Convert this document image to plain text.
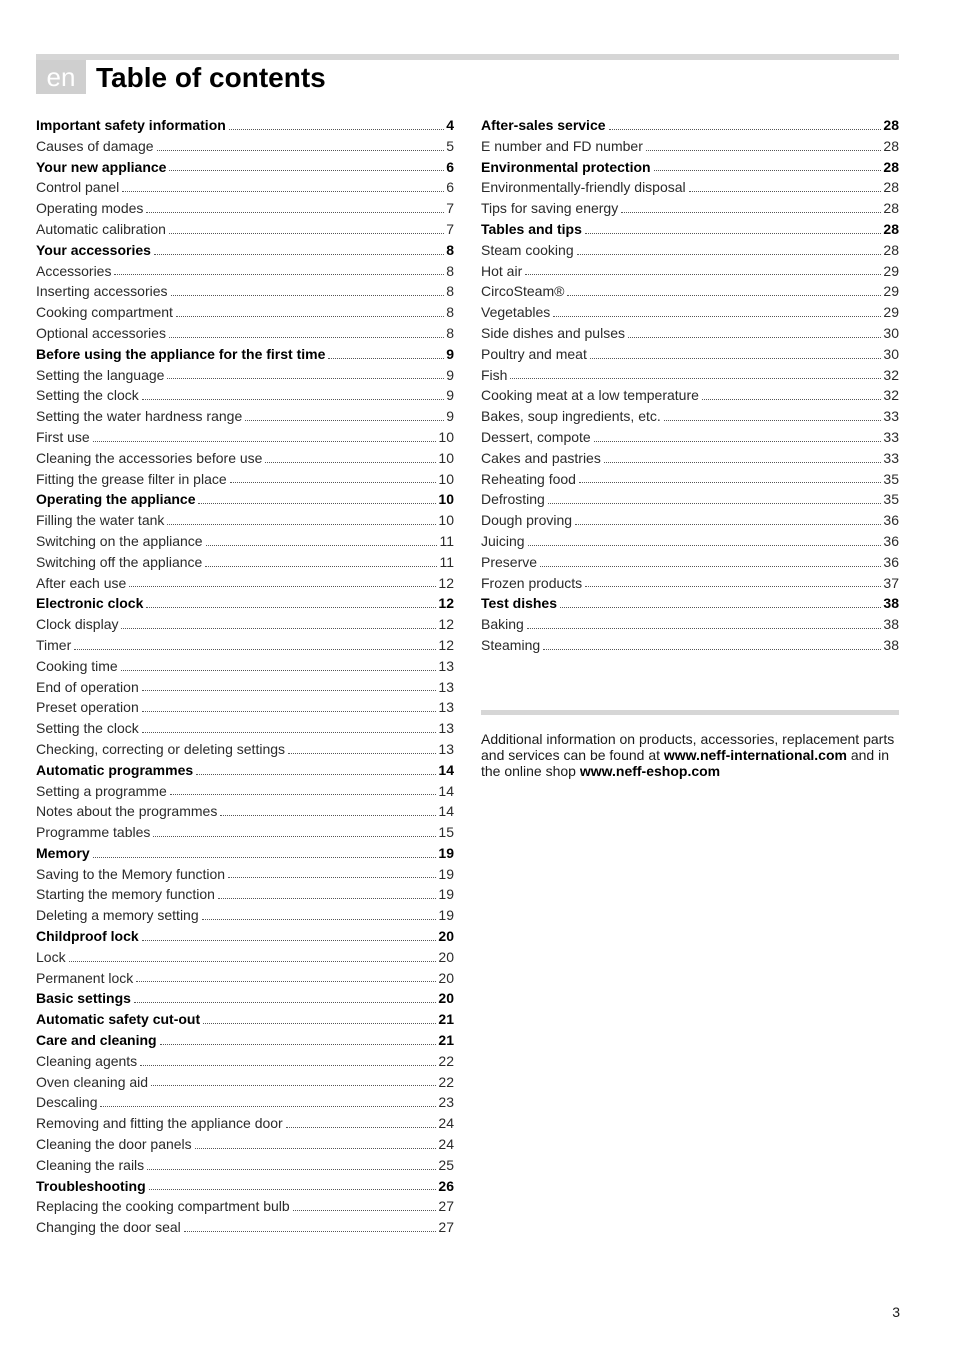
en Table of contents
Important safety information	4
Causes of damage	5
Your new appliance	6
Control panel	6
Operating modes	7
Automatic calibration	7
Your accessories	8
Accessories	8
Inserting accessories	8
Cooking compartment	8
Optional accessories	8
Before using the appliance for the first time	9
Setting the language	9
Setting the clock	9
Setting the water hardness range	9
First use	10
Cleaning the accessories before use	10
Fitting the grease filter in place	10
Operating the appliance	10
Filling the water tank	10
Switching on the appliance	11
Switching off the appliance	11
After each use	12
Electronic clock	12
Clock display	12
Timer	12
Cooking time	13
End of operation	13
Preset operation	13
Setting the clock	13
Checking, correcting or deleting settings	13
Automatic programmes	14
Setting a programme	14
Notes about the programmes	14
Programme tables	15
Memory	19
Saving to the Memory function	19
Starting the memory function	19
Deleting a memory setting	19
Childproof lock	20
Lock	20
Permanent lock	20
Basic settings	20
Automatic safety cut-out	21
Care and cleaning	21
Cleaning agents	22
Oven cleaning aid	22
Descaling	23
Removing and fitting the appliance door	24
Cleaning the door panels	24
Cleaning the rails	25
Troubleshooting	26
Replacing the cooking compartment bulb	27
Changing the door seal	27
After-sales service	28
E number and FD number	28
Environmental protection	28
Environmentally-friendly disposal	28
Tips for saving energy	28
Tables and tips	28
Steam cooking	28
Hot air	29
CircoSteam®	29
Vegetables	29
Side dishes and pulses	30
Poultry and meat	30
Fish	32
Cooking meat at a low temperature	32
Bakes, soup ingredients, etc.	33
Dessert, compote	33
Cakes and pastries	33
Reheating food	35
Defrosting	35
Dough proving	36
Juicing	36
Preserve	36
Frozen products	37
Test dishes	38
Baking	38
Steaming	38
Additional information on products, accessories, replacement parts and services can be found at www.neff-international.com and in the online shop www.neff-eshop.com
3
